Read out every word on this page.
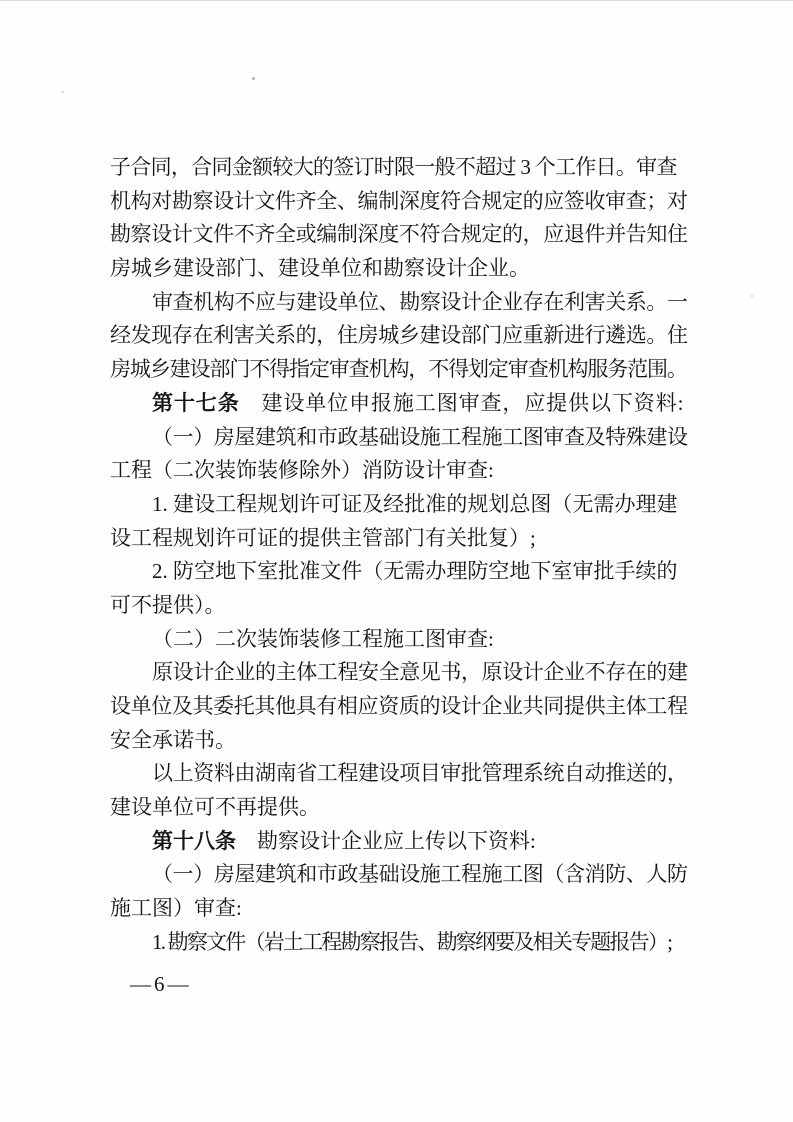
子合同，合同金额较大的签订时限一般不超过 3 个工作日。审查
机构对勘察设计文件齐全、编制深度符合规定的应签收审查；对
勘察设计文件不齐全或编制深度不符合规定的，应退件并告知住
房城乡建设部门、建设单位和勘察设计企业。
审查机构不应与建设单位、勘察设计企业存在利害关系。一
经发现存在利害关系的，住房城乡建设部门应重新进行遴选。住
房城乡建设部门不得指定审查机构，不得划定审查机构服务范围。
第十七条　建设单位申报施工图审查，应提供以下资料:
（一）房屋建筑和市政基础设施工程施工图审查及特殊建设
工程（二次装饰装修除外）消防设计审查:
1. 建设工程规划许可证及经批准的规划总图（无需办理建
设工程规划许可证的提供主管部门有关批复）;
2. 防空地下室批准文件（无需办理防空地下室审批手续的
可不提供）。
（二）二次装饰装修工程施工图审查:
原设计企业的主体工程安全意见书，原设计企业不存在的建
设单位及其委托其他具有相应资质的设计企业共同提供主体工程
安全承诺书。
以上资料由湖南省工程建设项目审批管理系统自动推送的，
建设单位可不再提供。
第十八条　勘察设计企业应上传以下资料:
（一）房屋建筑和市政基础设施工程施工图（含消防、人防
施工图）审查:
1. 勘察文件（岩土工程勘察报告、勘察纲要及相关专题报告）;
—6—
